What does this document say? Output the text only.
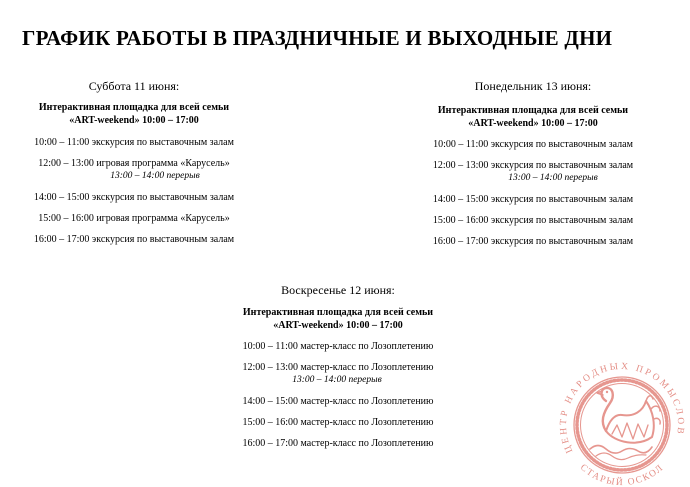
ГРАФИК РАБОТЫ В ПРАЗДНИЧНЫЕ И ВЫХОДНЫЕ ДНИ
Суббота 11 июня:
Интерактивная площадка для всей семьи
«ART-weekend» 10:00 – 17:00
10:00 – 11:00 экскурсия по выставочным залам
12:00 – 13:00 игровая программа «Карусель»
13:00 – 14:00 перерыв
14:00 – 15:00 экскурсия по выставочным залам
15:00 – 16:00 игровая программа «Карусель»
16:00 – 17:00 экскурсия по выставочным залам
Понедельник 13 июня:
Интерактивная площадка для всей семьи
«ART-weekend» 10:00 – 17:00
10:00 – 11:00 экскурсия по выставочным залам
12:00 – 13:00 экскурсия по выставочным залам
13:00 – 14:00 перерыв
14:00 – 15:00 экскурсия по выставочным залам
15:00 – 16:00 экскурсия по выставочным залам
16:00 – 17:00 экскурсия по выставочным залам
Воскресенье 12 июня:
Интерактивная площадка для всей семьи
«ART-weekend» 10:00 – 17:00
10:00 – 11:00 мастер-класс по Лозоплетению
12:00 – 13:00 мастер-класс по Лозоплетению
13:00 – 14:00 перерыв
14:00 – 15:00 мастер-класс по Лозоплетению
15:00 – 16:00 мастер-класс по Лозоплетению
16:00 – 17:00 мастер-класс по Лозоплетению	ЦЕНТР НАРОДНЫХ ПРОМЫСЛОВ
СТАРЫЙ ОСКОЛ
